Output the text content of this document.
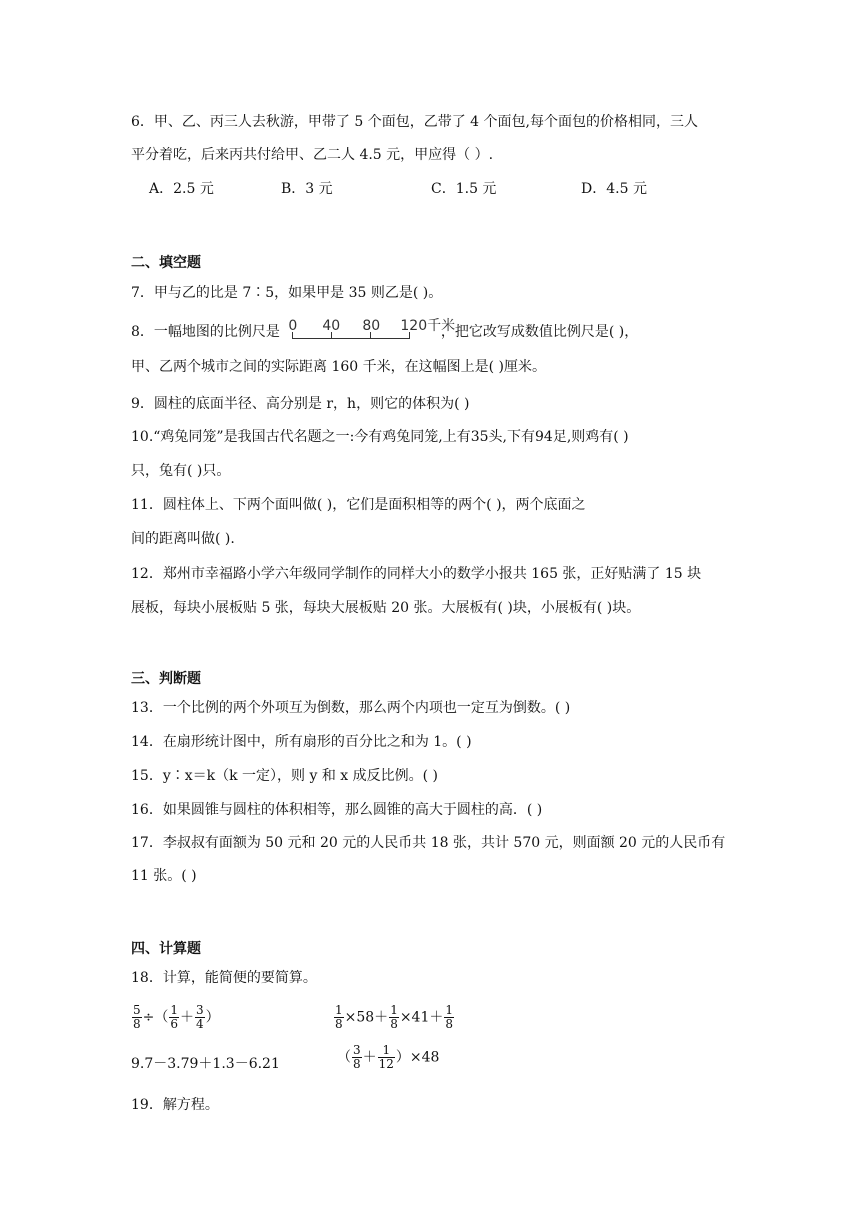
6．甲、乙、丙三人去秋游，甲带了 5 个面包，乙带了 4 个面包,每个面包的价格相同，三人
平分着吃，后来丙共付给甲、乙二人 4.5 元，甲应得（ ）.
A．2.5 元	B．3 元	C．1.5 元	D．4.5 元
二、填空题
7．甲与乙的比是 7∶5，如果甲是 35 则乙是( )。
8．一幅地图的比例尺是 0 40 80 120千米
，把它改写成数值比例尺是( )，
甲、乙两个城市之间的实际距离 160 千米，在这幅图上是( )厘米。
9．圆柱的底面半径、高分别是 r，h，则它的体积为( )
10.“鸡兔同笼”是我国古代名题之一:今有鸡兔同笼,上有35头,下有94足,则鸡有( )
只，兔有( )只。
11．圆柱体上、下两个面叫做( )，它们是面积相等的两个( )，两个底面之
间的距离叫做( ).
12．郑州市幸福路小学六年级同学制作的同样大小的数学小报共 165 张，正好贴满了 15 块
展板，每块小展板贴 5 张，每块大展板贴 20 张。大展板有( )块，小展板有( )块。
三、判断题
13．一个比例的两个外项互为倒数，那么两个内项也一定互为倒数。( )
14．在扇形统计图中，所有扇形的百分比之和为 1。( )
15．y∶x＝k（k 一定），则 y 和 x 成反比例。( )
16．如果圆锥与圆柱的体积相等，那么圆锥的高大于圆柱的高．( )
17．李叔叔有面额为 50 元和 20 元的人民币共 18 张，共计 570 元，则面额 20 元的人民币有
11 张。( )
四、计算题
18．计算，能简便的要简算。
$\frac{5}{8}$ ÷（ $\frac{1}{6} + \frac{3}{4}$ ）	$\frac{1}{8} \times 58+ \frac{1}{8} \times 41+ \frac{1}{8}$
9.7－3.79＋1.3－6.21	（ $\frac{3}{8} + \frac{1}{12} )\times 48$
19．解方程。
